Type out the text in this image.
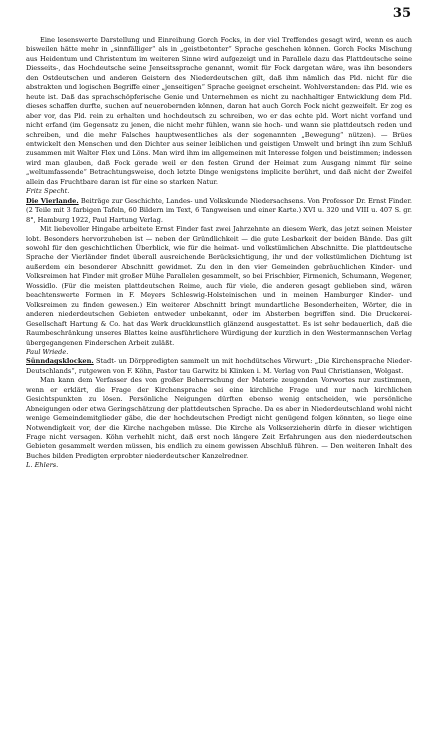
35

Eine lesenswerte Darstellung und Einreihung Gorch Focks, in der viel Treffendes gesagt wird, wenn es auch bisweilen hätte mehr in „sinnfälliger“ als in „geistbetonter“ Sprache geschehen können. Gorch Focks Mischung aus Heidentum und Christentum im weiteren Sinne wird aufgezeigt und in Parallele dazu das Plattdeutsche seine Diesseits-, das Hochdeutsche seine Jenseitssprache genannt, womit für Fock dargetan wäre, was ihn besonders den Ostdeutschen und anderen Geistern des Niederdeutschen gilt, daß ihm nämlich das Pld. nicht für die abstrakten und logischen Begriffe einer „jenseitigen“ Sprache geeignet erscheint. Wohlverstanden: das Pld. wie es heute ist. Daß das sprachschöpferische Genie und Unternehmen es nicht zu nachhaltiger Entwicklung dem Pld. dieses schaffen durfte, suchen auf neuerobernden können, daran hat auch Gorch Fock nicht gezweifelt. Er zog es aber vor, das Pld. rein zu erhalten und hochdeutsch zu schreiben, wo er das echte pld. Wort nicht vorfand und nicht erfand (im Gegensatz zu jenen, die nicht mehr fühlen, wann sie hoch- und wann sie plattdeutsch reden und schreiben, und die mehr Falsches hauptwesentliches als der sogenannten „Bewegung“ nützen). — Brües entwickelt den Menschen und den Dichter aus seiner leiblichen und geistigen Umwelt und bringt ihn zum Schluß zusammen mit Walter Flex und Löns. Man wird ihm im allgemeinen mit Interesse folgen und beistimmen; indessen wird man glauben, daß Fock gerade weil er den festen Grund der Heimat zum Ausgang nimmt für seine „weltumfassende“ Betrachtungsweise, doch letzte Dinge wenigstens implicite berührt, und daß nicht der Zweifel allein das Fruchtbare daran ist für eine so starken Natur.

Fritz Specht.

Die Vierlande. Beiträge zur Geschichte, Landes- und Volkskunde Niedersachsens. Von Professor Dr. Ernst Finder. (2 Teile mit 3 farbigen Tafeln, 60 Bildern im Text, 6 Tangweisen und einer Karte.) XVI u. 320 und VIII u. 407 S. gr. 8°, Hamburg 1922, Paul Hartung Verlag.

Mit liebevoller Hingabe arbeitete Ernst Finder fast zwei Jahrzehnte an diesem Werk, das jetzt seinen Meister lobt. Besonders hervorzuheben ist — neben der Gründlichkeit — die gute Lesbarkeit der beiden Bände. Das gilt sowohl für den geschichtlichen Überblick, wie für die heimat- und volkstümlichen Abschnitte. Die plattdeutsche Sprache der Vierländer findet überall ausreichende Berücksichtigung, ihr und der volkstümlichen Dichtung ist außerdem ein besonderer Abschnitt gewidmet. Zu den in den vier Gemeinden gebräuchlichen Kinder- und Volksreimen hat Finder mit großer Mühe Parallelen gesammelt, so bei Frischbier, Firmenich, Schumann, Wegener, Wossidlo. (Für die meisten plattdeutschen Reime, auch für viele, die anderen gesagt geblieben sind, wären beachtenswerte Formen in F. Meyers Schleswig-Holsteinischen und in meinen Hamburger Kinder- und Volksreimen zu finden gewesen.) Ein weiterer Abschnitt bringt mundartliche Besonderheiten, Wörter, die in anderen niederdeutschen Gebieten entweder unbekannt, oder im Absterben begriffen sind. Die Druckerei-Gesellschaft Hartung & Co. hat das Werk druckkunstlich glänzend ausgestattet. Es ist sehr bedauerlich, daß die Raumbeschränkung unseres Blattes keine ausführlichere Würdigung der kurzlich in den Westermannschen Verlag übergegangenen Finderschen Arbeit zuläßt.

Paul Wriede.

Sünndagsklocken. Stadt- un Dörppredigten sammelt un mit hochdütsches Vörwurt: „Die Kirchensprache Nieder-Deutschlands“, rutgewen von F. Köhn, Pastor tau Garwitz bi Klinken i. M. Verlag von Paul Christiansen, Wolgast.

Man kann dem Verfasser des von großer Beherrschung der Materie zeugenden Vorwortes nur zustimmen, wenn er erklärt, die Frage der Kirchensprache sei eine kirchliche Frage und nur nach kirchlichen Gesichtspunkten zu lösen. Persönliche Neigungen dürften ebenso wenig entscheiden, wie persönliche Abneigungen oder etwa Geringschätzung der plattdeutschen Sprache. Da es aber in Niederdeutschland wohl nicht wenige Gemeindemitglieder gäbe, die der hochdeutschen Predigt nicht genügend folgen könnten, so liege eine Notwendigkeit vor, der die Kirche nachgeben müsse. Die Kirche als Volkserzieherin dürfe in dieser wichtigen Frage nicht versagen. Köhn verhehlt nicht, daß erst noch längere Zeit Erfahrungen aus den niederdeutschen Gebieten gesammelt werden müssen, bis endlich zu einem gewissen Abschluß führen. — Den weiteren Inhalt des Buches bilden Predigten erprobter niederdeutscher Kanzelredner.

L. Ehlers.
